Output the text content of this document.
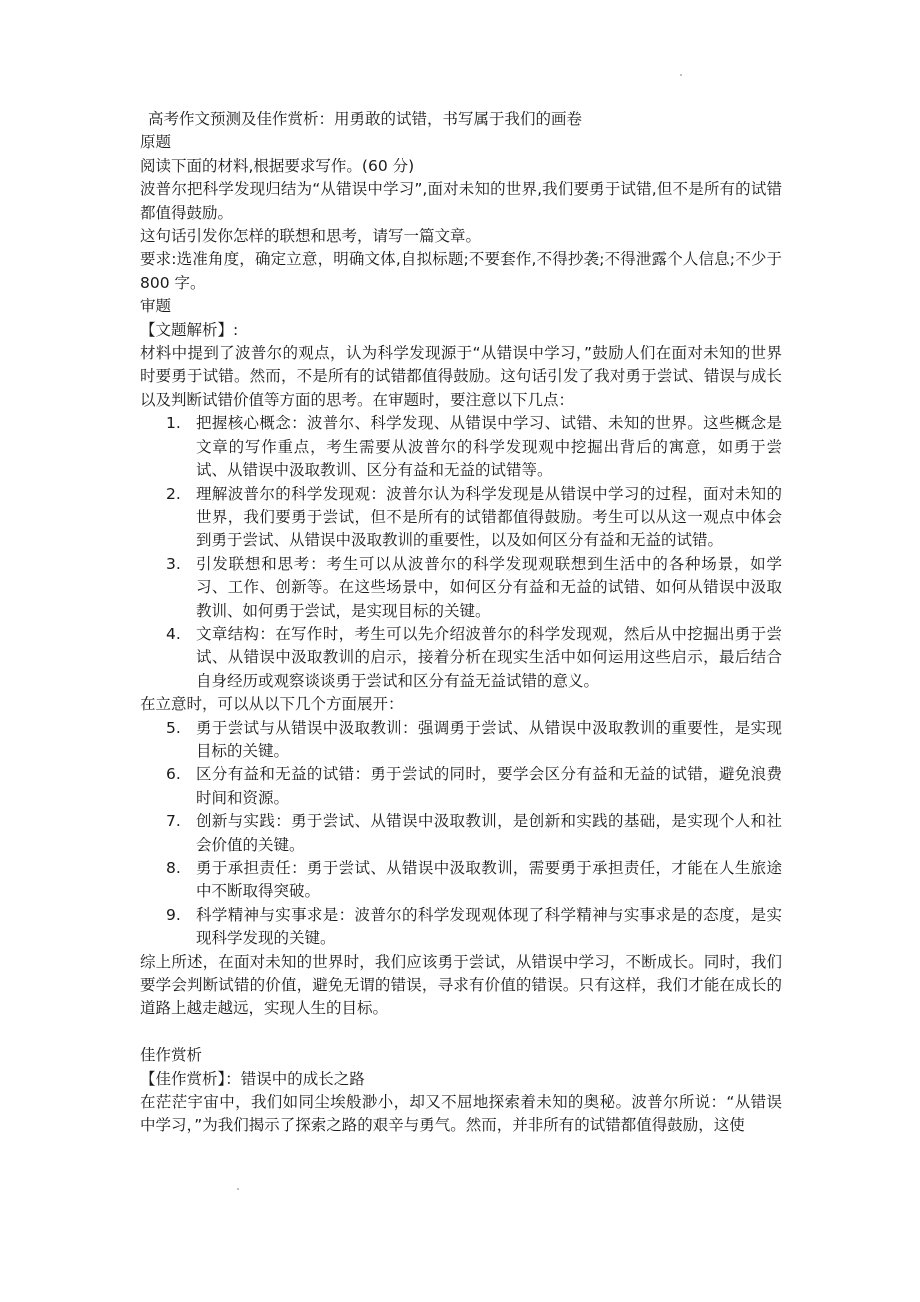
高考作文预测及佳作赏析：用勇敢的试错，书写属于我们的画卷

原题

阅读下面的材料,根据要求写作。(60 分)

波普尔把科学发现归结为“从错误中学习”,面对未知的世界,我们要勇于试错,但不是所有的试错都值得鼓励。

这句话引发你怎样的联想和思考，请写一篇文章。

要求:选准角度，确定立意，明确文体,自拟标题;不要套作,不得抄袭;不得泄露个人信息;不少于 800 字。

审题

【文题解析】:

材料中提到了波普尔的观点，认为科学发现源于“从错误中学习，”鼓励人们在面对未知的世界时要勇于试错。然而，不是所有的试错都值得鼓励。这句话引发了我对勇于尝试、错误与成长以及判断试错价值等方面的思考。在审题时，要注意以下几点：

1. 把握核心概念：波普尔、科学发现、从错误中学习、试错、未知的世界。这些概念是文章的写作重点，考生需要从波普尔的科学发现观中挖掘出背后的寓意，如勇于尝试、从错误中汲取教训、区分有益和无益的试错等。
2. 理解波普尔的科学发现观：波普尔认为科学发现是从错误中学习的过程，面对未知的世界，我们要勇于尝试，但不是所有的试错都值得鼓励。考生可以从这一观点中体会到勇于尝试、从错误中汲取教训的重要性，以及如何区分有益和无益的试错。
3. 引发联想和思考：考生可以从波普尔的科学发现观联想到生活中的各种场景，如学习、工作、创新等。在这些场景中，如何区分有益和无益的试错、如何从错误中汲取教训、如何勇于尝试，是实现目标的关键。
4. 文章结构：在写作时，考生可以先介绍波普尔的科学发现观，然后从中挖掘出勇于尝试、从错误中汲取教训的启示，接着分析在现实生活中如何运用这些启示，最后结合自身经历或观察谈谈勇于尝试和区分有益无益试错的意义。

在立意时，可以从以下几个方面展开：

5. 勇于尝试与从错误中汲取教训：强调勇于尝试、从错误中汲取教训的重要性，是实现目标的关键。
6. 区分有益和无益的试错：勇于尝试的同时，要学会区分有益和无益的试错，避免浪费时间和资源。
7. 创新与实践：勇于尝试、从错误中汲取教训，是创新和实践的基础，是实现个人和社会价值的关键。
8. 勇于承担责任：勇于尝试、从错误中汲取教训，需要勇于承担责任，才能在人生旅途中不断取得突破。
9. 科学精神与实事求是：波普尔的科学发现观体现了科学精神与实事求是的态度，是实现科学发现的关键。

综上所述，在面对未知的世界时，我们应该勇于尝试，从错误中学习，不断成长。同时，我们要学会判断试错的价值，避免无谓的错误，寻求有价值的错误。只有这样，我们才能在成长的道路上越走越远，实现人生的目标。

佳作赏析

【佳作赏析】：错误中的成长之路

在茫茫宇宙中，我们如同尘埃般渺小，却又不屈地探索着未知的奥秘。波普尔所说：“从错误中学习，”为我们揭示了探索之路的艰辛与勇气。然而，并非所有的试错都值得鼓励，这使
